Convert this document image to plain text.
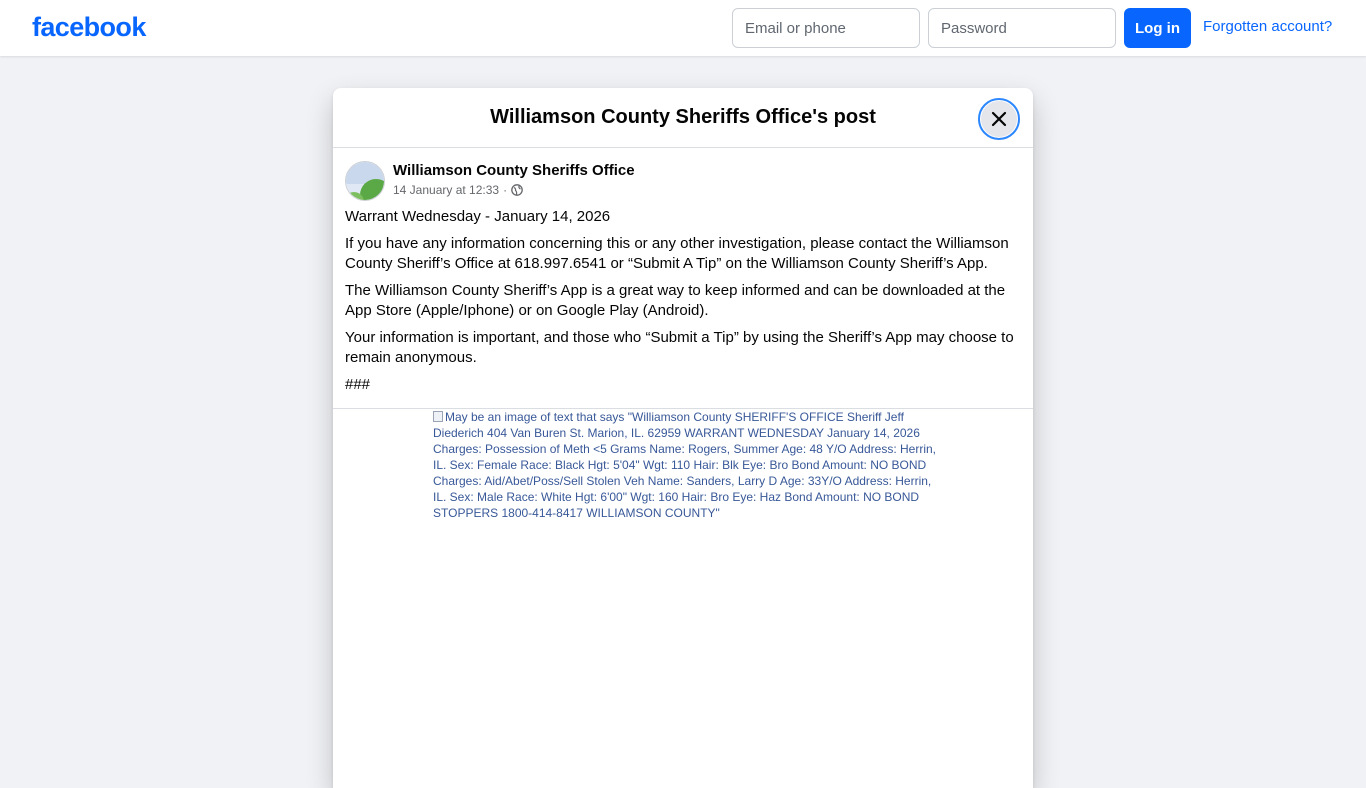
facebook
Email or phone	Log in	Forgotten account?
Williamson County Sheriffs Office's post
Williamson County Sheriffs Office
14 January at 12:33 ·

Warrant Wednesday - January 14, 2026

If you have any information concerning this or any other investigation, please contact the Williamson County Sheriff’s Office at 618.997.6541 or “Submit A Tip” on the Williamson County Sheriff’s App.

The Williamson County Sheriff’s App is a great way to keep informed and can be downloaded at the App Store (Apple/Iphone) or on Google Play (Android).

Your information is important, and those who “Submit a Tip” by using the Sheriff’s App may choose to remain anonymous.

###

May be an image of text that says "Williamson County SHERIFF'S OFFICE Sheriff Jeff Diederich 404 Van Buren St. Marion, IL. 62959 WARRANT WEDNESDAY January 14, 2026 Charges: Possession of Meth <5 Grams Name: Rogers, Summer Age: 48 Y/O Address: Herrin, IL. Sex: Female Race: Black Hgt: 5'04" Wgt: 110 Hair: Blk Eye: Bro Bond Amount: NO BOND Charges: Aid/Abet/Poss/Sell Stolen Veh Name: Sanders, Larry D Age: 33Y/O Address: Herrin, IL. Sex: Male Race: White Hgt: 6'00" Wgt: 160 Hair: Bro Eye: Haz Bond Amount: NO BOND STOPPERS 1800-414-8417 WILLIAMSON COUNTY"
